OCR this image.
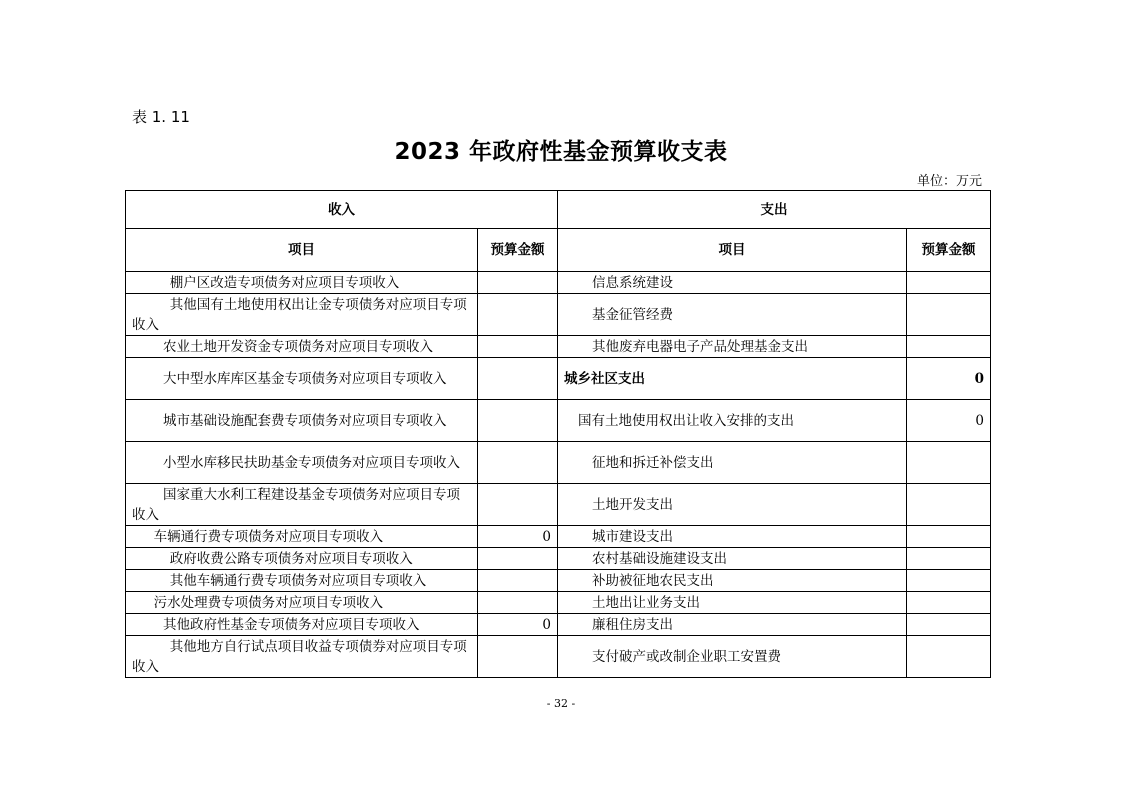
表 1. 11
2023 年政府性基金预算收支表
单位：万元
收入		支出	
项目	预算金额	项目	预算金额
棚户区改造专项债务对应项目专项收入		信息系统建设	
其他国有土地使用权出让金专项债务对应项目专项收入		基金征管经费	
农业土地开发资金专项债务对应项目专项收入		其他废弃电器电子产品处理基金支出	
大中型水库库区基金专项债务对应项目专项收入		城乡社区支出	0
城市基础设施配套费专项债务对应项目专项收入		国有土地使用权出让收入安排的支出	0
小型水库移民扶助基金专项债务对应项目专项收入		征地和拆迁补偿支出	
国家重大水利工程建设基金专项债务对应项目专项收入		土地开发支出	
车辆通行费专项债务对应项目专项收入	0	城市建设支出	
政府收费公路专项债务对应项目专项收入		农村基础设施建设支出	
其他车辆通行费专项债务对应项目专项收入		补助被征地农民支出	
污水处理费专项债务对应项目专项收入		土地出让业务支出	
其他政府性基金专项债务对应项目专项收入	0	廉租住房支出	
其他地方自行试点项目收益专项债券对应项目专项收入		支付破产或改制企业职工安置费	
- 32 -
